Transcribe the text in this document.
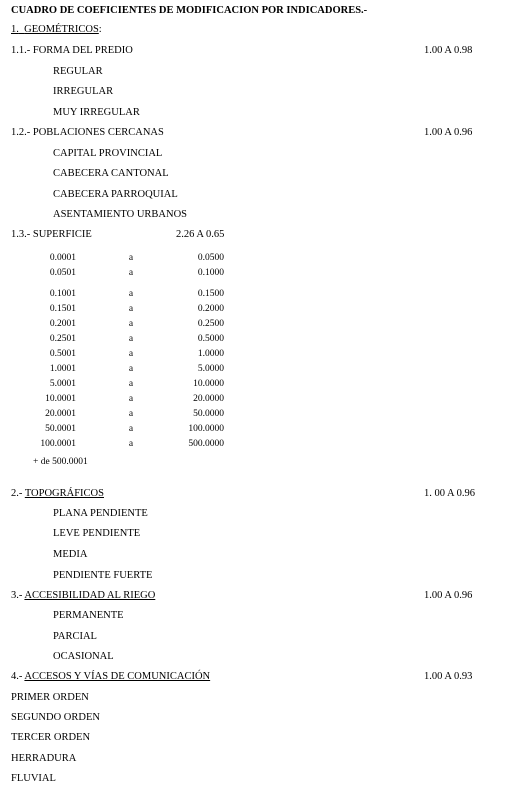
CUADRO DE COEFICIENTES DE MODIFICACION POR INDICADORES.-
1. GEOMÉTRICOS:
1.1.- FORMA DEL PREDIO	1.00 A 0.98
REGULAR
IRREGULAR
MUY IRREGULAR
1.2.- POBLACIONES CERCANAS	1.00 A 0.96
CAPITAL PROVINCIAL
CABECERA CANTONAL
CABECERA PARROQUIAL
ASENTAMIENTO URBANOS
1.3.- SUPERFICIE	2.26 A 0.65
0.0001	a	0.0500
0.0501	a	0.1000
0.1001	a	0.1500
0.1501	a	0.2000
0.2001	a	0.2500
0.2501	a	0.5000
0.5001	a	1.0000
1.0001	a	5.0000
5.0001	a	10.0000
10.0001	a	20.0000
20.0001	a	50.0000
50.0001	a	100.0000
100.0001	a	500.0000
+ de 500.0001
2.- TOPOGRÁFICOS	1. 00 A 0.96
PLANA PENDIENTE
LEVE PENDIENTE
MEDIA
PENDIENTE FUERTE
3.- ACCESIBILIDAD AL RIEGO	1.00 A 0.96
PERMANENTE
PARCIAL
OCASIONAL
4.- ACCESOS Y VÍAS DE COMUNICACIÓN	1.00 A 0.93
PRIMER ORDEN
SEGUNDO ORDEN
TERCER ORDEN
HERRADURA
FLUVIAL
